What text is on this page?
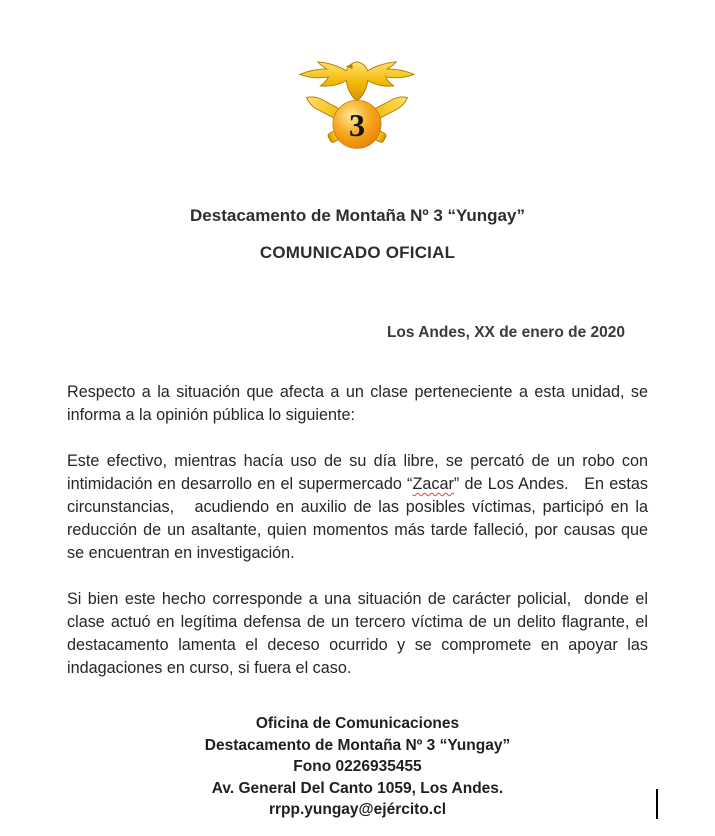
3
Destacamento de Montaña Nº 3 “Yungay”
COMUNICADO OFICIAL
Los Andes, XX de enero de 2020

Respecto a la situación que afecta a un clase perteneciente a esta unidad, se informa a la opinión pública lo siguiente:

Este efectivo, mientras hacía uso de su día libre, se percató de un robo con intimidación en desarrollo en el supermercado “Zacar” de Los Andes.   En estas circunstancias,   acudiendo en auxilio de las posibles víctimas, participó en la reducción de un asaltante, quien momentos más tarde falleció, por causas que se encuentran en investigación.

Si bien este hecho corresponde a una situación de carácter policial,  donde el clase actuó en legítima defensa de un tercero víctima de un delito flagrante, el destacamento lamenta el deceso ocurrido y se compromete en apoyar las indagaciones en curso, si fuera el caso.

Oficina de Comunicaciones
Destacamento de Montaña Nº 3 “Yungay”
Fono 0226935455
Av. General Del Canto 1059, Los Andes.
rrpp.yungay@ejército.cl
